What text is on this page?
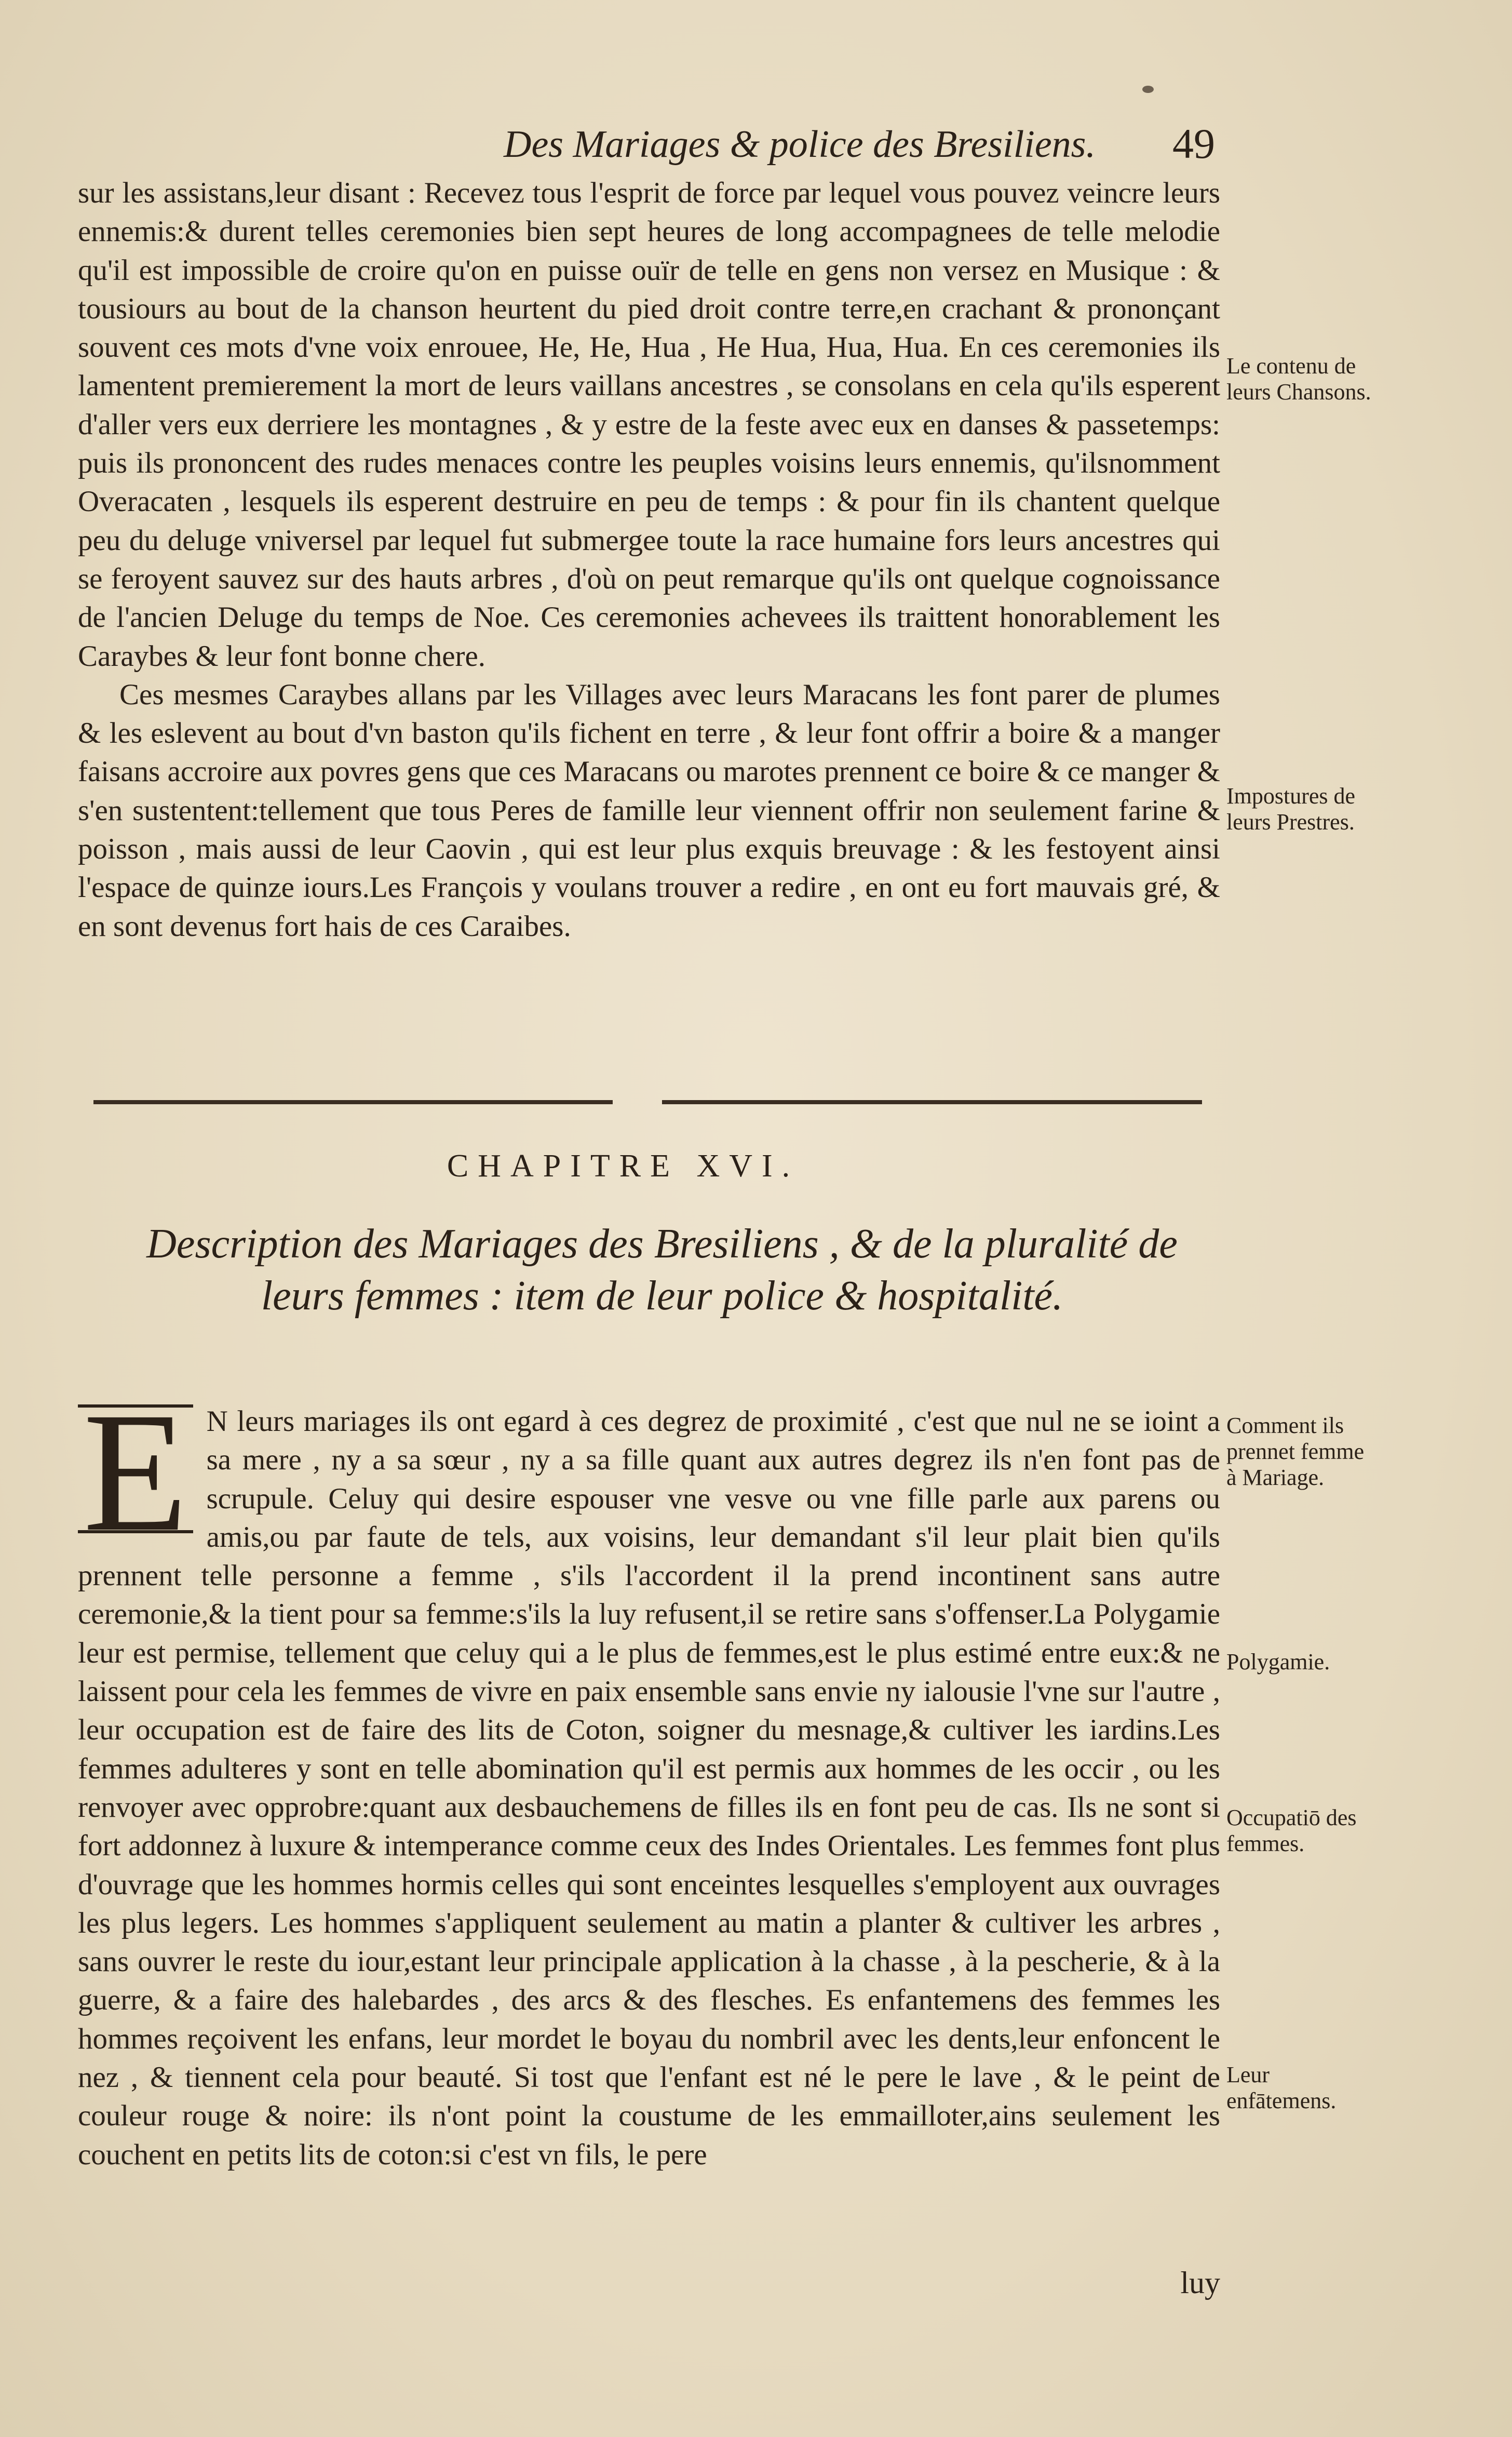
Des Mariages & police des Bresiliens.	49

sur les assistans,leur disant : Recevez tous l'esprit de force par lequel vous pouvez veincre leurs ennemis:& durent telles ceremonies bien sept heures de long accompagnees de telle melodie qu'il est impossible de croire qu'on en puisse ouïr de telle en gens non versez en Musique : & tousiours au bout de la chanson heurtent du pied droit contre terre,en crachant & prononçant souvent ces mots d'vne voix enrouee, He, He, Hua , He Hua, Hua, Hua. En ces ceremonies ils lamentent premierement la mort de leurs vaillans ancestres , se consolans en cela qu'ils esperent d'aller vers eux derriere les montagnes , & y estre de la feste avec eux en danses & passetemps: puis ils prononcent des rudes menaces contre les peuples voisins leurs ennemis, qu'ilsnomment Overacaten , lesquels ils esperent destruire en peu de temps : & pour fin ils chantent quelque peu du deluge vniversel par lequel fut submergee toute la race humaine fors leurs ancestres qui se feroyent sauvez sur des hauts arbres , d'où on peut remarque qu'ils ont quelque cognoissance de l'ancien Deluge du temps de Noe. Ces ceremonies achevees ils traittent honorablement les Caraybes & leur font bonne chere.

Ces mesmes Caraybes allans par les Villages avec leurs Maracans les font parer de plumes & les eslevent au bout d'vn baston qu'ils fichent en terre , & leur font offrir a boire & a manger faisans accroire aux povres gens que ces Maracans ou marotes prennent ce boire & ce manger & s'en sustentent:tellement que tous Peres de famille leur viennent offrir non seulement farine & poisson , mais aussi de leur Caovin , qui est leur plus exquis breuvage : & les festoyent ainsi l'espace de quinze iours.Les François y voulans trouver a redire , en ont eu fort mauvais gré, & en sont devenus fort hais de ces Caraibes.

Le contenu de leurs Chansons.
Impostures de leurs Prestres.
CHAPITRE XVI.
Description des Mariages des Bresiliens , & de la pluralité de leurs femmes : item de leur police & hospitalité.
E N leurs mariages ils ont egard à ces degrez de proximité , c'est que nul ne se ioint a sa mere , ny a sa sœur , ny a sa fille quant aux autres degrez ils n'en font pas de scrupule. Celuy qui desire espouser vne vesve ou vne fille parle aux parens ou amis,ou par faute de tels, aux voisins, leur demandant s'il leur plait bien qu'ils prennent telle personne a femme , s'ils l'accordent il la prend incontinent sans autre ceremonie,& la tient pour sa femme:s'ils la luy refusent,il se retire sans s'offenser.La Polygamie leur est permise, tellement que celuy qui a le plus de femmes,est le plus estimé entre eux:& ne laissent pour cela les femmes de vivre en paix ensemble sans envie ny ialousie l'vne sur l'autre , leur occupation est de faire des lits de Coton, soigner du mesnage,& cultiver les iardins.Les femmes adulteres y sont en telle abomination qu'il est permis aux hommes de les occir , ou les renvoyer avec opprobre:quant aux desbauchemens de filles ils en font peu de cas. Ils ne sont si fort addonnez à luxure & intemperance comme ceux des Indes Orientales. Les femmes font plus d'ouvrage que les hommes hormis celles qui sont enceintes lesquelles s'employent aux ouvrages les plus legers. Les hommes s'appliquent seulement au matin a planter & cultiver les arbres , sans ouvrer le reste du iour,estant leur principale application à la chasse , à la pescherie, & à la guerre, & a faire des halebardes , des arcs & des flesches. Es enfantemens des femmes les hommes reçoivent les enfans, leur mordet le boyau du nombril avec les dents,leur enfoncent le nez , & tiennent cela pour beauté. Si tost que l'enfant est né le pere le lave , & le peint de couleur rouge & noire: ils n'ont point la coustume de les emmailloter,ains seulement les couchent en petits lits de coton:si c'est vn fils, le pere
Comment ils prennet femme à Mariage.
Polygamie.
Occupatiō des femmes.
Leur enfātemens.
luy
